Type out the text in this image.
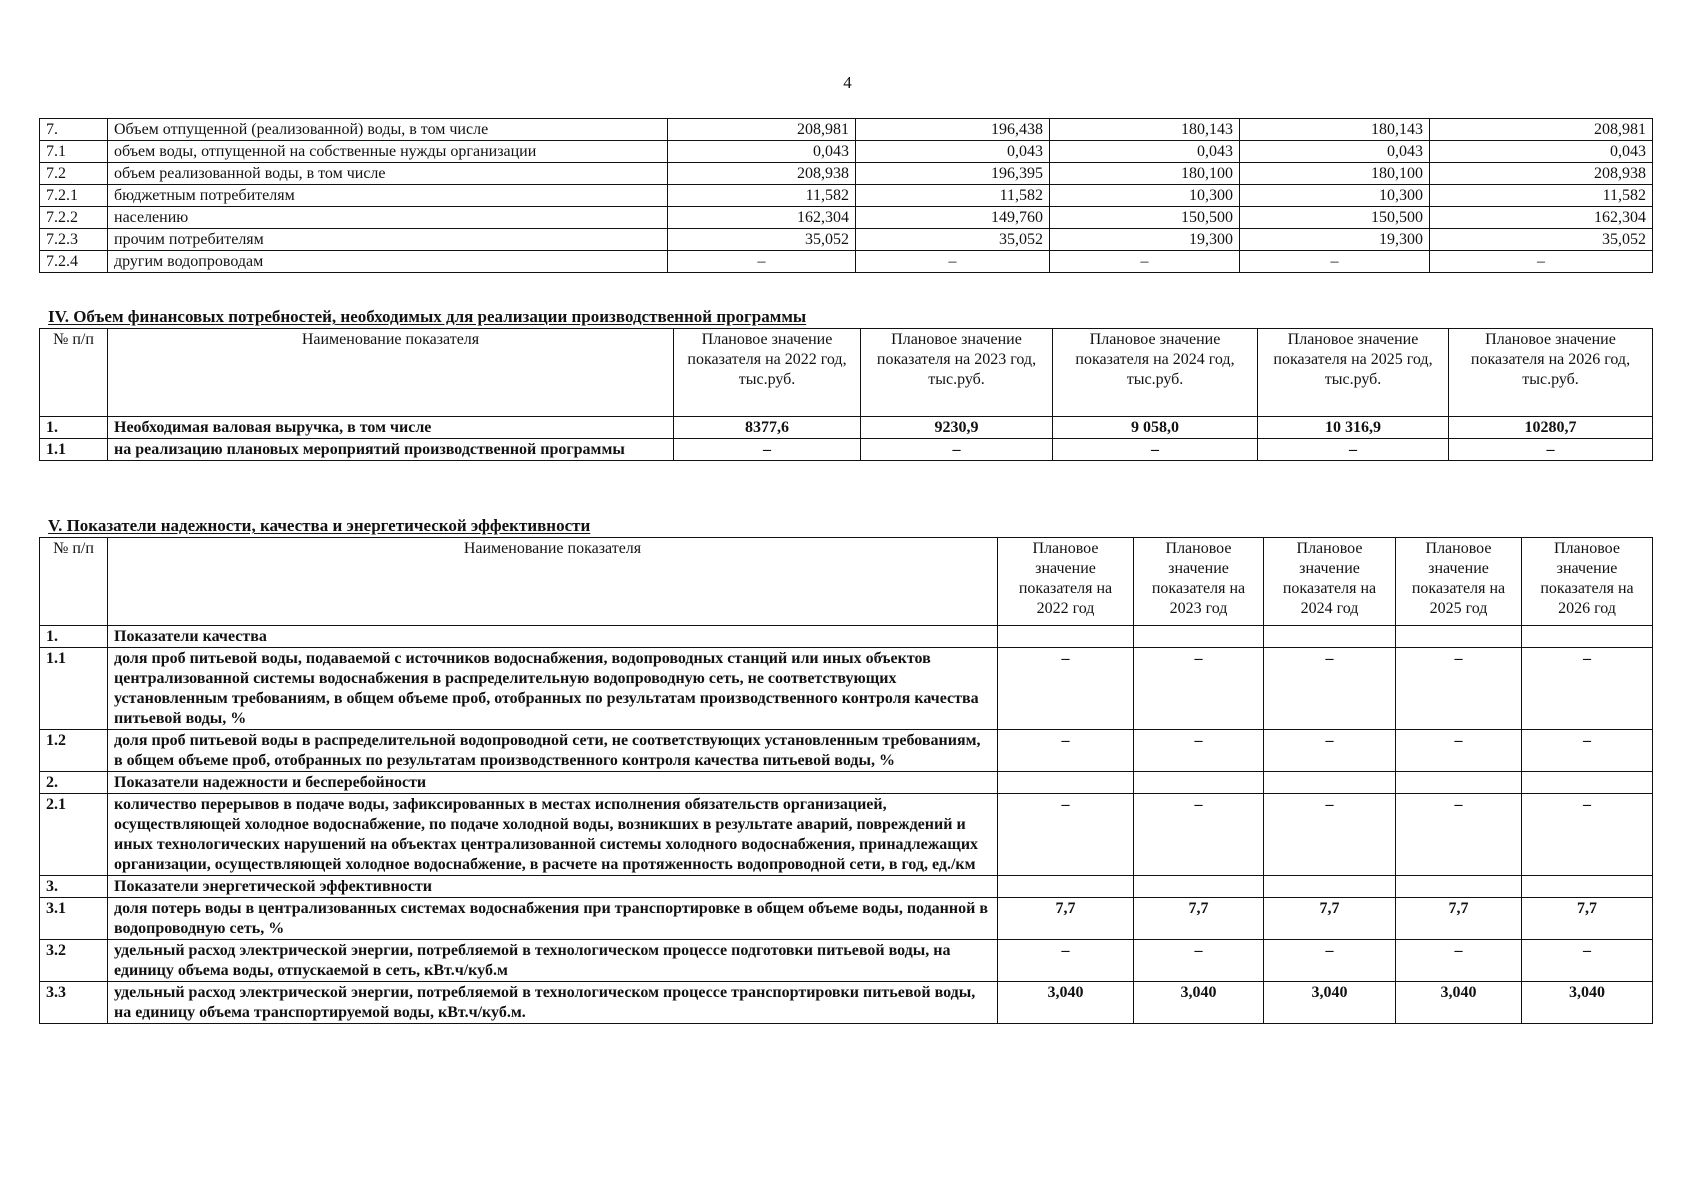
4
7.	Объем отпущенной (реализованной) воды, в том числе	208,981	196,438	180,143	180,143	208,981
7.1	объем воды, отпущенной на собственные нужды организации	0,043	0,043	0,043	0,043	0,043
7.2	объем реализованной воды, в том числе	208,938	196,395	180,100	180,100	208,938
7.2.1	бюджетным потребителям	11,582	11,582	10,300	10,300	11,582
7.2.2	населению	162,304	149,760	150,500	150,500	162,304
7.2.3	прочим потребителям	35,052	35,052	19,300	19,300	35,052
7.2.4	другим водопроводам	–	–	–	–	–
IV. Объем финансовых потребностей, необходимых для реализации производственной программы
№ п/п	Наименование показателя	Плановое значение показателя на 2022 год, тыс.руб.	Плановое значение показателя на 2023 год, тыс.руб.	Плановое значение показателя на 2024 год, тыс.руб.	Плановое значение показателя на 2025 год, тыс.руб.	Плановое значение показателя на 2026 год, тыс.руб.
1.	Необходимая валовая выручка, в том числе	8377,6	9230,9	9 058,0	10 316,9	10280,7
1.1	на реализацию плановых мероприятий производственной программы	–	–	–	–	–
V. Показатели надежности, качества и энергетической эффективности
№ п/п	Наименование показателя	Плановое значение показателя на 2022 год	Плановое значение показателя на 2023 год	Плановое значение показателя на 2024 год	Плановое значение показателя на 2025 год	Плановое значение показателя на 2026 год
1.	Показатели качества					
1.1	доля проб питьевой воды, подаваемой с источников водоснабжения, водопроводных станций или иных объектов централизованной системы водоснабжения в распределительную водопроводную сеть, не соответствующих установленным требованиям, в общем объеме проб, отобранных по результатам производственного контроля качества питьевой воды, %	–	–	–	–	–
1.2	доля проб питьевой воды в распределительной водопроводной сети, не соответствующих установленным требованиям, в общем объеме проб, отобранных по результатам производственного контроля качества питьевой воды, %	–	–	–	–	–
2.	Показатели надежности и бесперебойности					
2.1	количество перерывов в подаче воды, зафиксированных в местах исполнения обязательств организацией, осуществляющей холодное водоснабжение, по подаче холодной воды, возникших в результате аварий, повреждений и иных технологических нарушений на объектах централизованной системы холодного водоснабжения, принадлежащих организации, осуществляющей холодное водоснабжение, в расчете на протяженность водопроводной сети, в год, ед./км	–	–	–	–	–
3.	Показатели энергетической эффективности					
3.1	доля потерь воды в централизованных системах водоснабжения при транспортировке в общем объеме воды, поданной в водопроводную сеть, %	7,7	7,7	7,7	7,7	7,7
3.2	удельный расход электрической энергии, потребляемой в технологическом процессе подготовки питьевой воды, на единицу объема воды, отпускаемой в сеть, кВт.ч/куб.м	–	–	–	–	–
3.3	удельный расход электрической энергии, потребляемой в технологическом процессе транспортировки питьевой воды, на единицу объема транспортируемой воды, кВт.ч/куб.м.	3,040	3,040	3,040	3,040	3,040
